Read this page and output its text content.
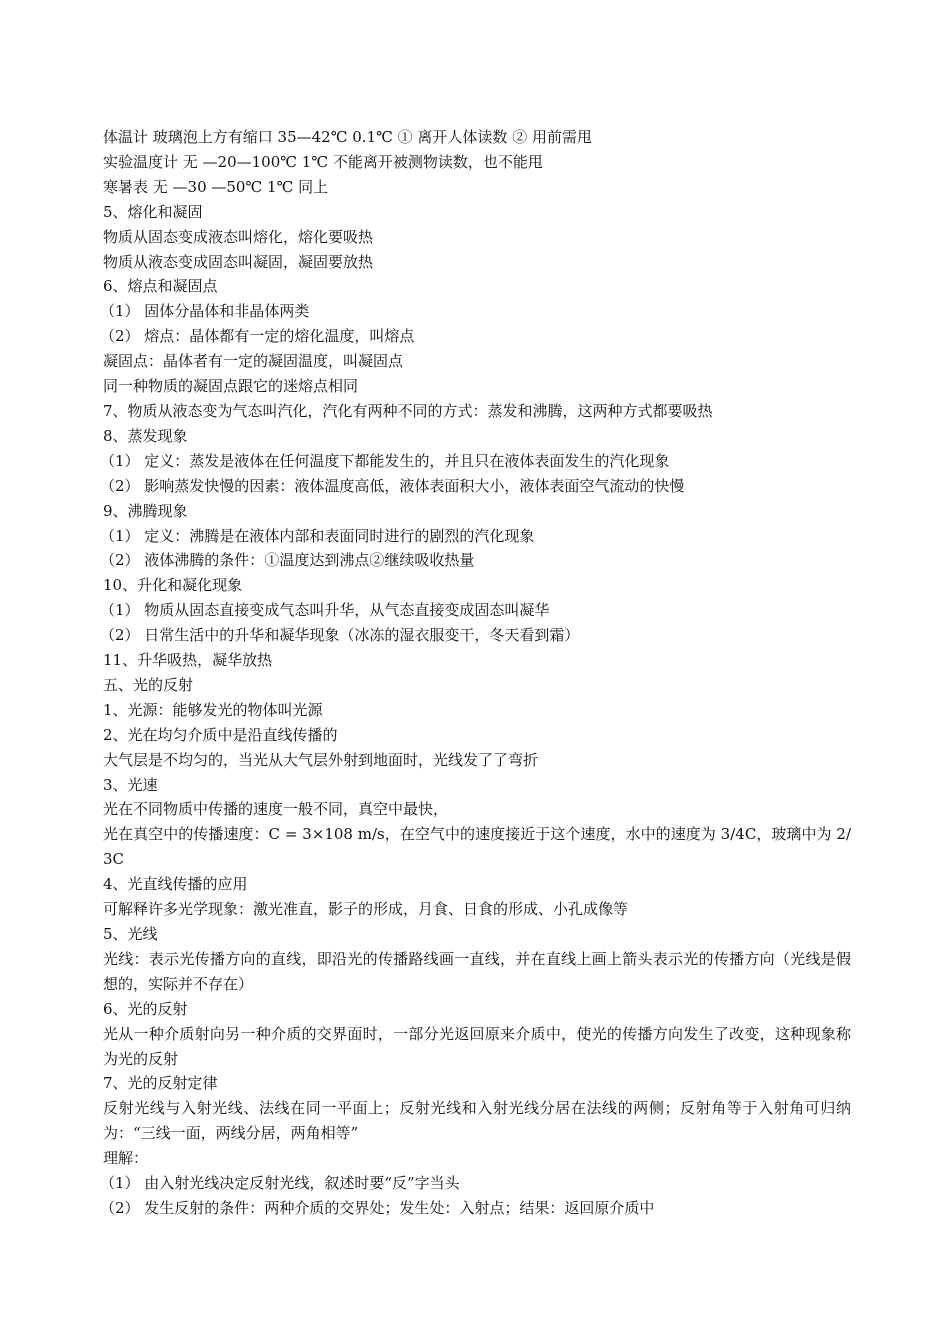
体温计 玻璃泡上方有缩口 35—42℃ 0.1℃ ① 离开人体读数 ② 用前需甩

实验温度计 无 —20—100℃ 1℃ 不能离开被测物读数，也不能甩

寒暑表 无 —30 —50℃ 1℃ 同上

5、熔化和凝固

物质从固态变成液态叫熔化，熔化要吸热

物质从液态变成固态叫凝固，凝固要放热

6、熔点和凝固点

（1） 固体分晶体和非晶体两类

（2） 熔点：晶体都有一定的熔化温度，叫熔点

凝固点：晶体者有一定的凝固温度，叫凝固点

同一种物质的凝固点跟它的迷熔点相同

7、物质从液态变为气态叫汽化，汽化有两种不同的方式：蒸发和沸腾，这两种方式都要吸热

8、蒸发现象

（1） 定义：蒸发是液体在任何温度下都能发生的，并且只在液体表面发生的汽化现象

（2） 影响蒸发快慢的因素：液体温度高低，液体表面积大小，液体表面空气流动的快慢

9、沸腾现象

（1） 定义：沸腾是在液体内部和表面同时进行的剧烈的汽化现象

（2） 液体沸腾的条件：①温度达到沸点②继续吸收热量

10、升化和凝化现象

（1） 物质从固态直接变成气态叫升华，从气态直接变成固态叫凝华

（2） 日常生活中的升华和凝华现象（冰冻的湿衣服变干，冬天看到霜）

11、升华吸热，凝华放热

五、光的反射

1、光源：能够发光的物体叫光源

2、光在均匀介质中是沿直线传播的

大气层是不均匀的，当光从大气层外射到地面时，光线发了了弯折

3、光速

光在不同物质中传播的速度一般不同，真空中最快，

光在真空中的传播速度：C = 3×108 m/s，在空气中的速度接近于这个速度，水中的速度为 3/4C，玻璃中为 2/3C

4、光直线传播的应用

可解释许多光学现象：激光准直，影子的形成，月食、日食的形成、小孔成像等

5、光线

光线：表示光传播方向的直线，即沿光的传播路线画一直线，并在直线上画上箭头表示光的传播方向（光线是假想的，实际并不存在）

6、光的反射

光从一种介质射向另一种介质的交界面时，一部分光返回原来介质中，使光的传播方向发生了改变，这种现象称为光的反射

7、光的反射定律

反射光线与入射光线、法线在同一平面上；反射光线和入射光线分居在法线的两侧；反射角等于入射角可归纳为：“三线一面，两线分居，两角相等”

理解：

（1） 由入射光线决定反射光线，叙述时要“反”字当头

（2） 发生反射的条件：两种介质的交界处；发生处：入射点；结果：返回原介质中
